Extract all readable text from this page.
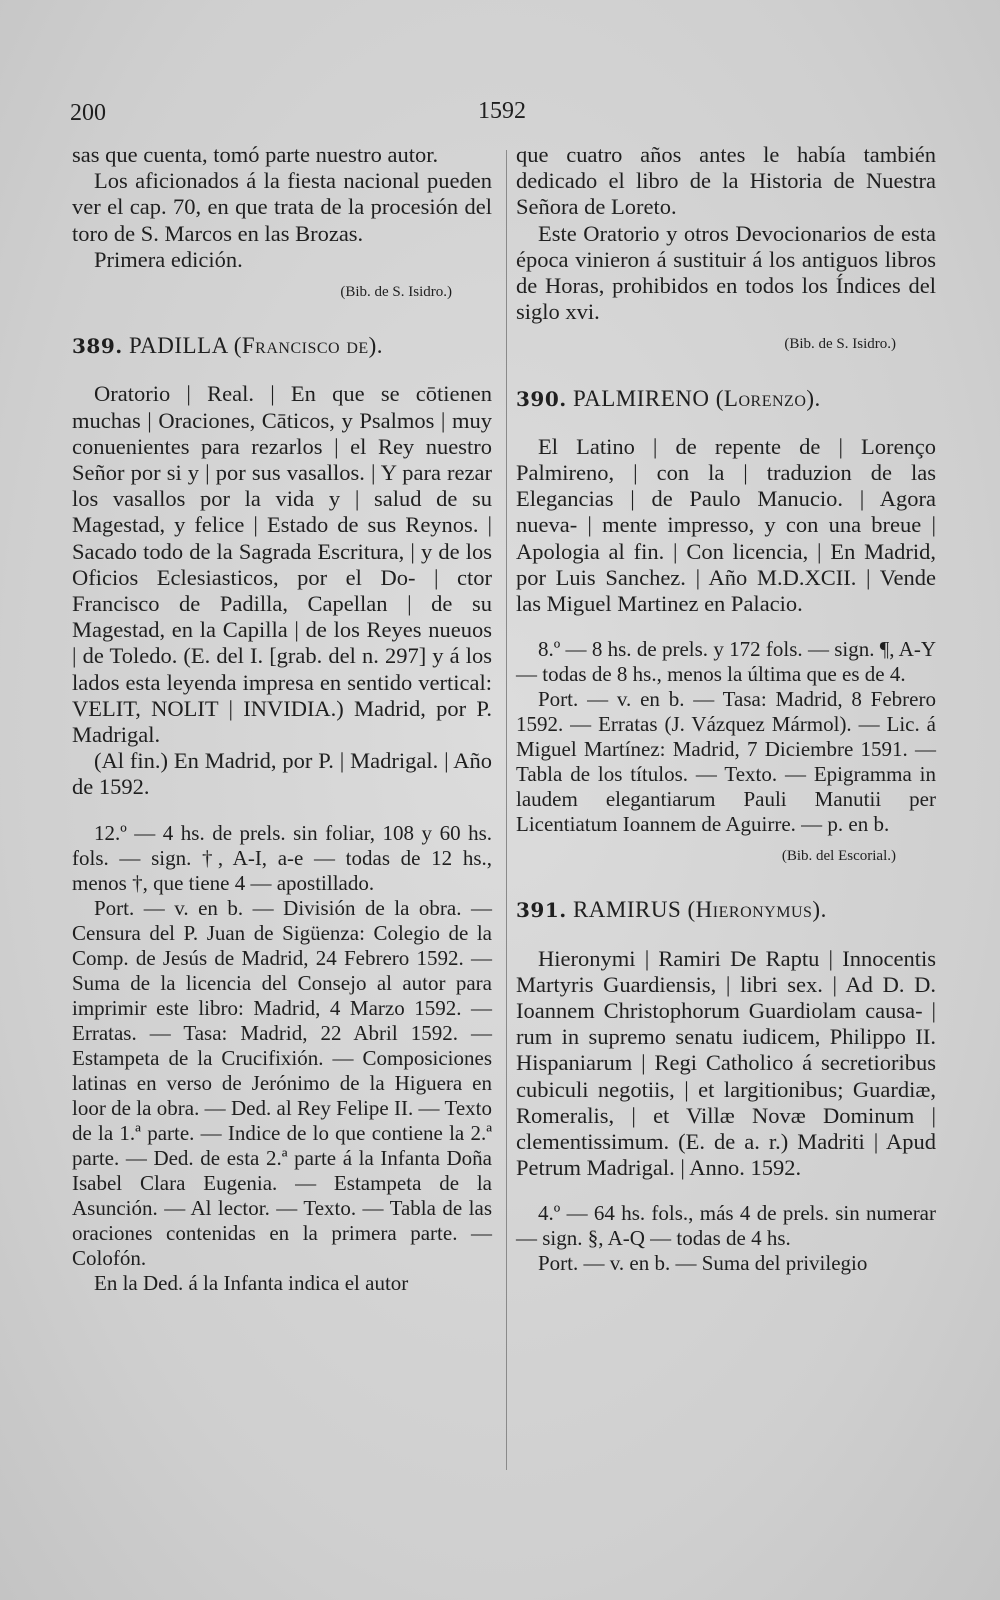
200	1592

sas que cuenta, tomó parte nuestro autor.

Los aficionados á la fiesta nacional pueden ver el cap. 70, en que trata de la procesión del toro de S. Marcos en las Brozas.

Primera edición.

(Bib. de S. Isidro.)
389. PADILLA (Francisco de).

Oratorio | Real. | En que se cōtienen muchas | Oraciones, Cāticos, y Psalmos | muy conuenientes para rezarlos | el Rey nuestro Señor por si y | por sus vasallos. | Y para rezar los vasallos por la vida y | salud de su Magestad, y felice | Estado de sus Reynos. | Sacado todo de la Sagrada Escritura, | y de los Oficios Eclesiasticos, por el Do- | ctor Francisco de Padilla, Capellan | de su Magestad, en la Capilla | de los Reyes nueuos | de Toledo. (E. del I. [grab. del n. 297] y á los lados esta leyenda impresa en sentido vertical: VELIT, NOLIT | INVIDIA.) Madrid, por P. Madrigal.

(Al fin.) En Madrid, por P. | Madrigal. | Año de 1592.

12.º — 4 hs. de prels. sin foliar, 108 y 60 hs. fols. — sign. †, A-I, a-e — todas de 12 hs., menos †, que tiene 4 — apostillado.

Port. — v. en b. — División de la obra. — Censura del P. Juan de Sigüenza: Colegio de la Comp. de Jesús de Madrid, 24 Febrero 1592. — Suma de la licencia del Consejo al autor para imprimir este libro: Madrid, 4 Marzo 1592. — Erratas. — Tasa: Madrid, 22 Abril 1592. — Estampeta de la Crucifixión. — Composiciones latinas en verso de Jerónimo de la Higuera en loor de la obra. — Ded. al Rey Felipe II. — Texto de la 1.ª parte. — Indice de lo que contiene la 2.ª parte. — Ded. de esta 2.ª parte á la Infanta Doña Isabel Clara Eugenia. — Estampeta de la Asunción. — Al lector. — Texto. — Tabla de las oraciones contenidas en la primera parte. — Colofón.

En la Ded. á la Infanta indica el autor

que cuatro años antes le había también dedicado el libro de la Historia de Nuestra Señora de Loreto.

Este Oratorio y otros Devocionarios de esta época vinieron á sustituir á los antiguos libros de Horas, prohibidos en todos los Índices del siglo xvi.

(Bib. de S. Isidro.)
390. PALMIRENO (Lorenzo).

El Latino | de repente de | Lorenço Palmireno, | con la | traduzion de las Elegancias | de Paulo Manucio. | Agora nueva- | mente impresso, y con una breue | Apologia al fin. | Con licencia, | En Madrid, por Luis Sanchez. | Año M.D.XCII. | Vende las Miguel Martinez en Palacio.

8.º — 8 hs. de prels. y 172 fols. — sign. ¶, A-Y — todas de 8 hs., menos la última que es de 4.

Port. — v. en b. — Tasa: Madrid, 8 Febrero 1592. — Erratas (J. Vázquez Mármol). — Lic. á Miguel Martínez: Madrid, 7 Diciembre 1591. — Tabla de los títulos. — Texto. — Epigramma in laudem elegantiarum Pauli Manutii per Licentiatum Ioannem de Aguirre. — p. en b.

(Bib. del Escorial.)
391. RAMIRUS (Hieronymus).

Hieronymi | Ramiri De Raptu | Innocentis Martyris Guardiensis, | libri sex. | Ad D. D. Ioannem Christophorum Guardiolam causa- | rum in supremo senatu iudicem, Philippo II. Hispaniarum | Regi Catholico á secretioribus cubiculi negotiis, | et largitionibus; Guardiæ, Romeralis, | et Villæ Novæ Dominum | clementissimum. (E. de a. r.) Madriti | Apud Petrum Madrigal. | Anno. 1592.

4.º — 64 hs. fols., más 4 de prels. sin numerar — sign. §, A-Q — todas de 4 hs.

Port. — v. en b. — Suma del privilegio
